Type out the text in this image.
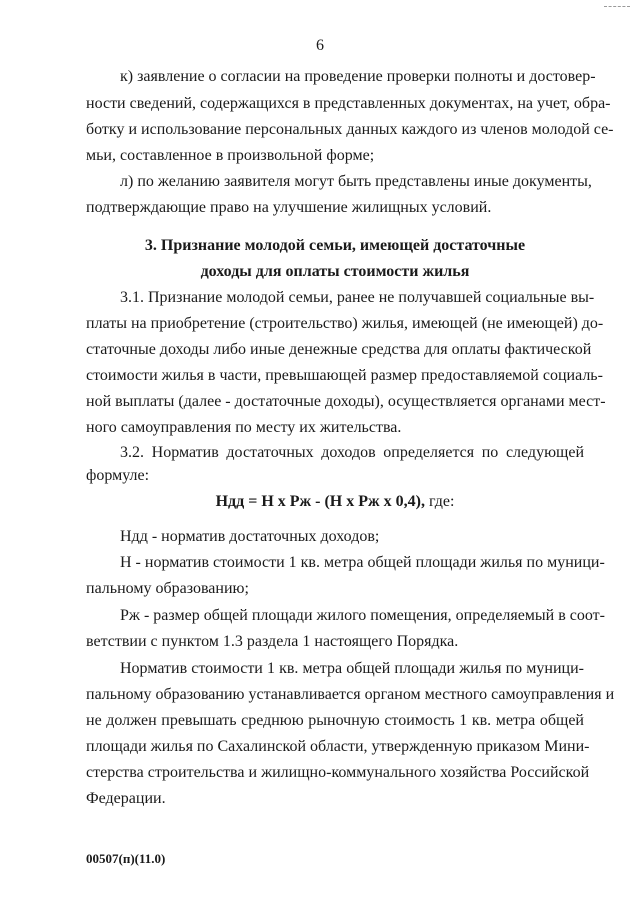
6
к) заявление о согласии на проведение проверки полноты и достовер-
ности сведений, содержащихся в представленных документах, на учет, обра-
ботку и использование персональных данных каждого из членов молодой се-
мьи, составленное в произвольной форме;
л) по желанию заявителя могут быть представлены иные документы,
подтверждающие право на улучшение жилищных условий.
3. Признание молодой семьи, имеющей достаточные
доходы для оплаты стоимости жилья
3.1. Признание молодой семьи, ранее не получавшей социальные вы-
платы на приобретение (строительство) жилья, имеющей (не имеющей) до-
статочные доходы либо иные денежные средства для оплаты фактической
стоимости жилья в части, превышающей размер предоставляемой социаль-
ной выплаты (далее - достаточные доходы), осуществляется органами мест-
ного самоуправления по месту их жительства.
3.2. Норматив достаточных доходов определяется по следующей
формуле:
Ндд = Н х Рж - (Н х Рж х 0,4), где:
Ндд - норматив достаточных доходов;
Н - норматив стоимости 1 кв. метра общей площади жилья по муници-
пальному образованию;
Рж - размер общей площади жилого помещения, определяемый в соот-
ветствии с пунктом 1.3 раздела 1 настоящего Порядка.
Норматив стоимости 1 кв. метра общей площади жилья по муници-
пальному образованию устанавливается органом местного самоуправления и
не должен превышать среднюю рыночную стоимость 1 кв. метра общей
площади жилья по Сахалинской области, утвержденную приказом Мини-
стерства строительства и жилищно-коммунального хозяйства Российской
Федерации.
00507(п)(11.0)
